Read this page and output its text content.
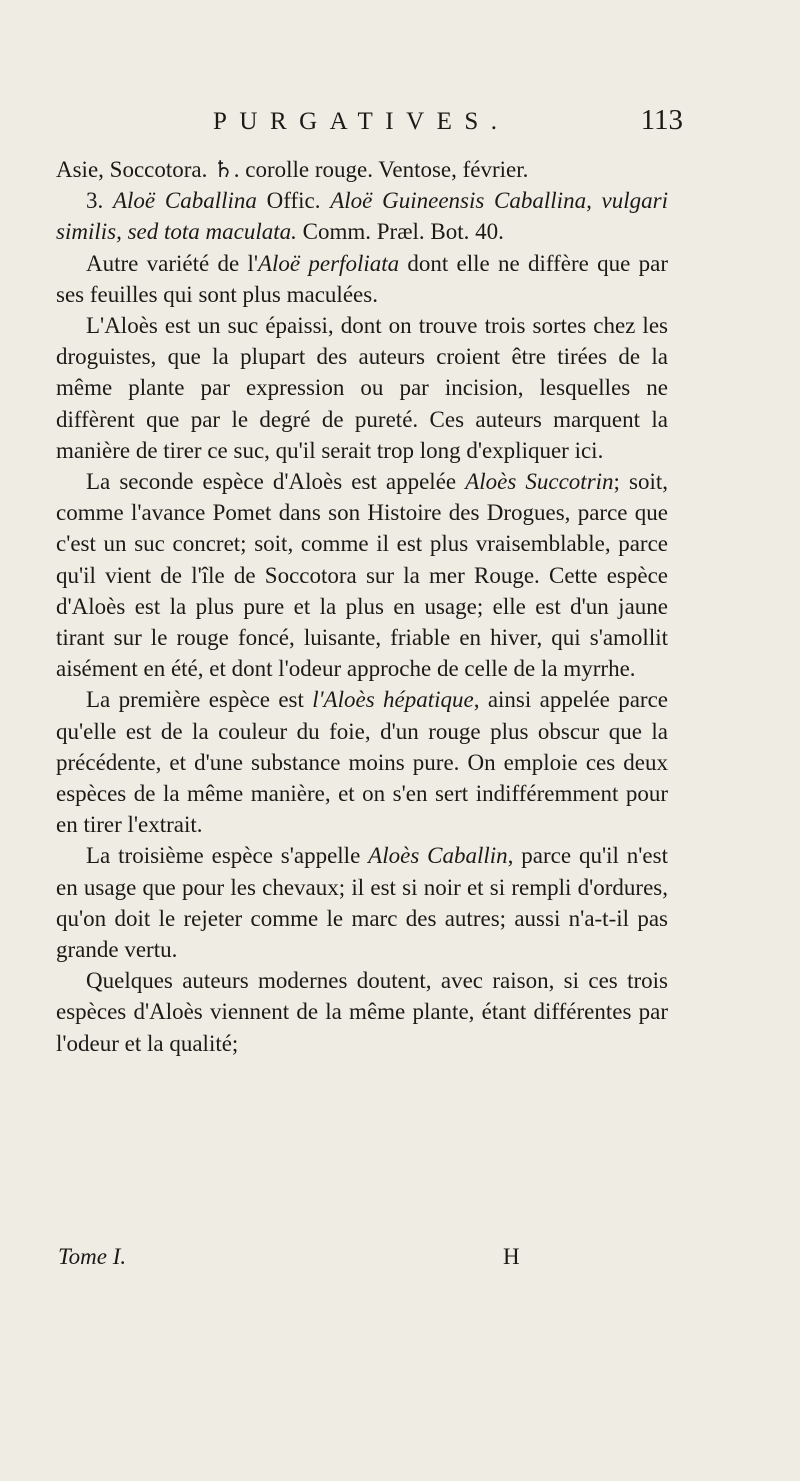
PURGATIVES.	113

Asie, Soccotora. ♄. corolle rouge. Ventose, février.

3. Aloë Caballina Offic. Aloë Guineensis Caballina, vulgari similis, sed tota maculata. Comm. Præl. Bot. 40.

Autre variété de l'Aloë perfoliata dont elle ne diffère que par ses feuilles qui sont plus maculées.

L'Aloès est un suc épaissi, dont on trouve trois sortes chez les droguistes, que la plupart des auteurs croient être tirées de la même plante par expression ou par incision, lesquelles ne diffèrent que par le degré de pureté. Ces auteurs marquent la manière de tirer ce suc, qu'il serait trop long d'expliquer ici.

La seconde espèce d'Aloès est appelée Aloès Succotrin; soit, comme l'avance Pomet dans son Histoire des Drogues, parce que c'est un suc concret; soit, comme il est plus vraisemblable, parce qu'il vient de l'île de Soccotora sur la mer Rouge. Cette espèce d'Aloès est la plus pure et la plus en usage; elle est d'un jaune tirant sur le rouge foncé, luisante, friable en hiver, qui s'amollit aisément en été, et dont l'odeur approche de celle de la myrrhe.

La première espèce est l'Aloès hépatique, ainsi appelée parce qu'elle est de la couleur du foie, d'un rouge plus obscur que la précédente, et d'une substance moins pure. On emploie ces deux espèces de la même manière, et on s'en sert indifféremment pour en tirer l'extrait.

La troisième espèce s'appelle Aloès Caballin, parce qu'il n'est en usage que pour les chevaux; il est si noir et si rempli d'ordures, qu'on doit le rejeter comme le marc des autres; aussi n'a-t-il pas grande vertu.

Quelques auteurs modernes doutent, avec raison, si ces trois espèces d'Aloès viennent de la même plante, étant différentes par l'odeur et la qualité;

Tome I.	H
